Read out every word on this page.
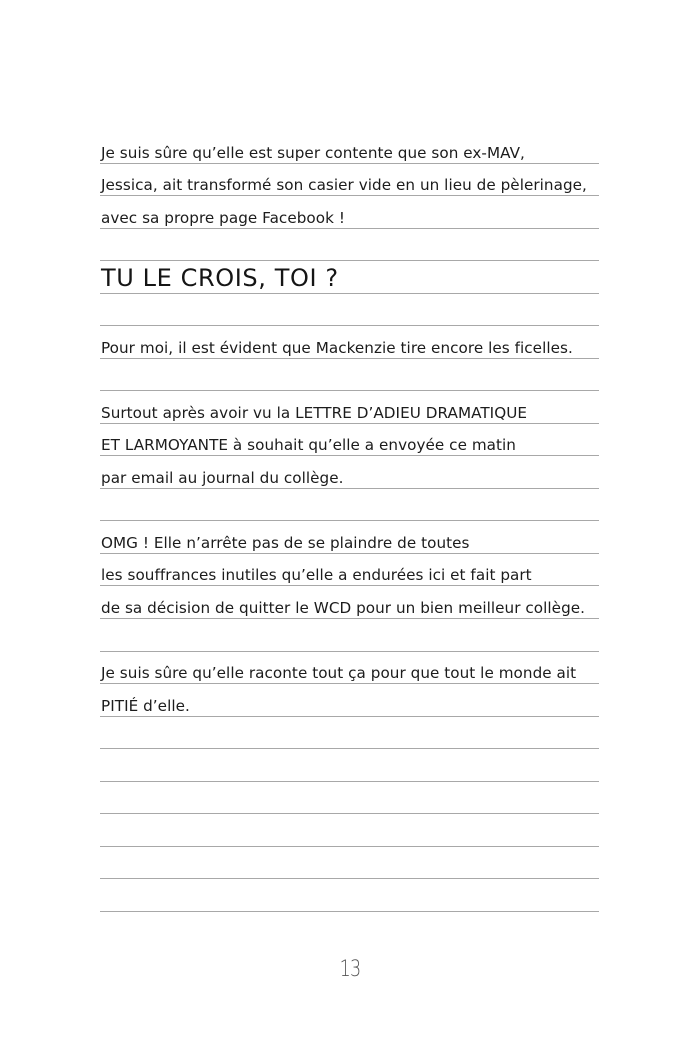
Je suis sûre qu’elle est super contente que son ex-MAV,
Jessica, ait transformé son casier vide en un lieu de pèlerinage,
avec sa propre page Facebook !
TU LE CROIS, TOI ?
Pour moi, il est évident que Mackenzie tire encore les ficelles.
Surtout après avoir vu la LETTRE D’ADIEU DRAMATIQUE
ET LARMOYANTE à souhait qu’elle a envoyée ce matin
par email au journal du collège.
OMG ! Elle n’arrête pas de se plaindre de toutes
les souffrances inutiles qu’elle a endurées ici et fait part
de sa décision de quitter le WCD pour un bien meilleur collège.
Je suis sûre qu’elle raconte tout ça pour que tout le monde ait
PITIÉ d’elle.
13
